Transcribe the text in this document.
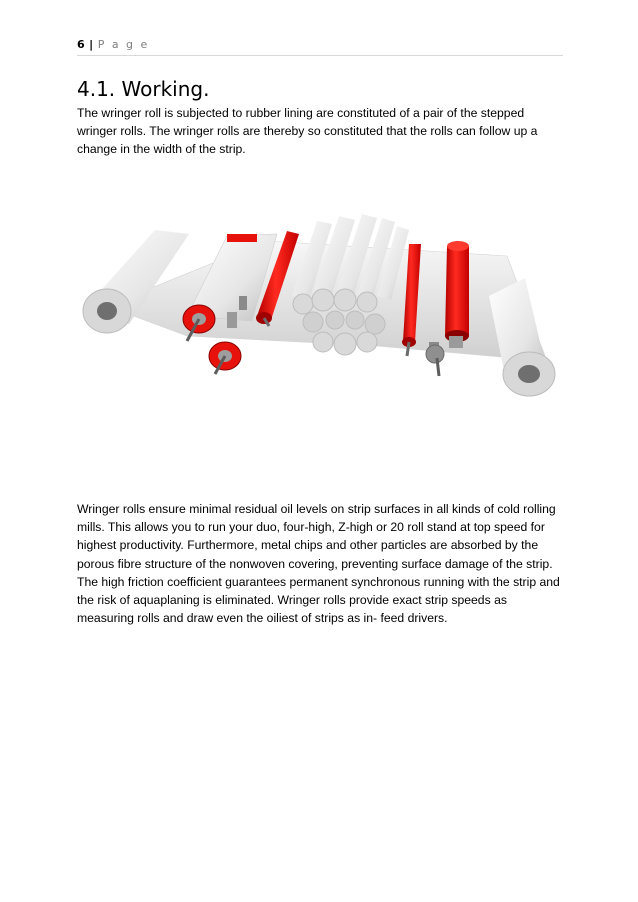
6 | P a g e
4.1. Working.

The wringer roll is subjected to rubber lining are constituted of a pair of the stepped wringer rolls. The wringer rolls are thereby so constituted that the rolls can follow up a change in the width of the strip.

Wringer rolls ensure minimal residual oil levels on strip surfaces in all kinds of cold rolling mills. This allows you to run your duo, four-high, Z-high or 20 roll stand at top speed for highest productivity. Furthermore, metal chips and other particles are absorbed by the porous fibre structure of the nonwoven covering, preventing surface damage of the strip. The high friction coefficient guarantees permanent synchronous running with the strip and the risk of aquaplaning is eliminated. Wringer rolls provide exact strip speeds as measuring rolls and draw even the oiliest of strips as in- feed drivers.
